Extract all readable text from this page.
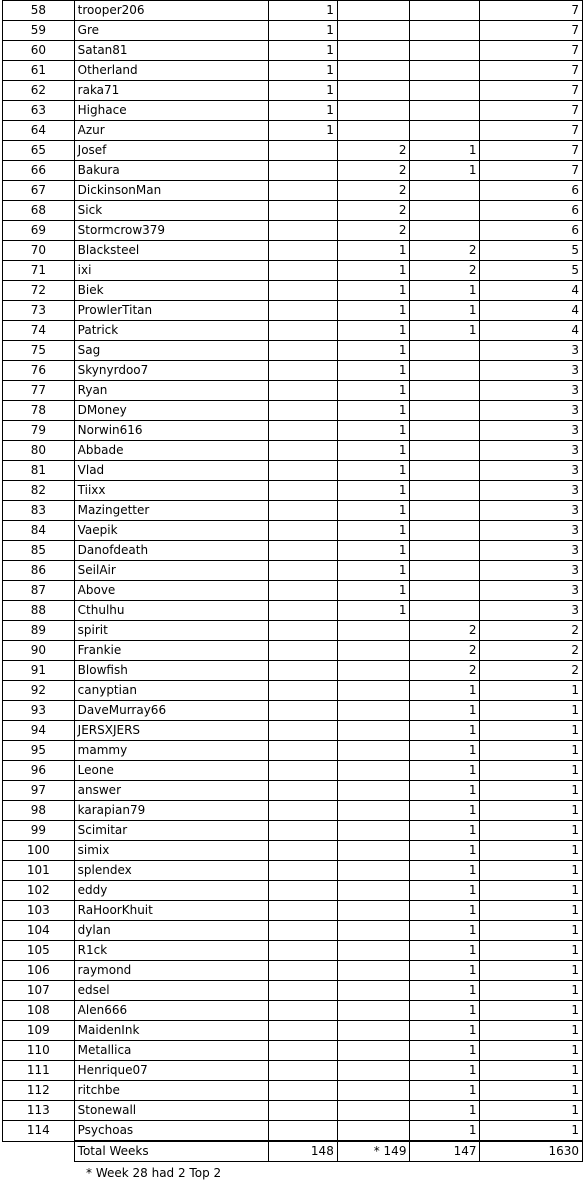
58	trooper206	1			7
59	Gre	1			7
60	Satan81	1			7
61	Otherland	1			7
62	raka71	1			7
63	Highace	1			7
64	Azur	1			7
65	Josef		2	1	7
66	Bakura		2	1	7
67	DickinsonMan		2		6
68	Sick		2		6
69	Stormcrow379		2		6
70	Blacksteel		1	2	5
71	ixi		1	2	5
72	Biek		1	1	4
73	ProwlerTitan		1	1	4
74	Patrick		1	1	4
75	Sag		1		3
76	Skynyrdoo7		1		3
77	Ryan		1		3
78	DMoney		1		3
79	Norwin616		1		3
80	Abbade		1		3
81	Vlad		1		3
82	Tiixx		1		3
83	Mazingetter		1		3
84	Vaepik		1		3
85	Danofdeath		1		3
86	SeilAir		1		3
87	Above		1		3
88	Cthulhu		1		3
89	spirit			2	2
90	Frankie			2	2
91	Blowfish			2	2
92	canyptian			1	1
93	DaveMurray66			1	1
94	JERSXJERS			1	1
95	mammy			1	1
96	Leone			1	1
97	answer			1	1
98	karapian79			1	1
99	Scimitar			1	1
100	simix			1	1
101	splendex			1	1
102	eddy			1	1
103	RaHoorKhuit			1	1
104	dylan			1	1
105	R1ck			1	1
106	raymond			1	1
107	edsel			1	1
108	Alen666			1	1
109	MaidenInk			1	1
110	Metallica			1	1
111	Henrique07			1	1
112	ritchbe			1	1
113	Stonewall			1	1
114	Psychoas			1	1
	Total Weeks	148	* 149	147	1630
* Week 28 had 2 Top 2
